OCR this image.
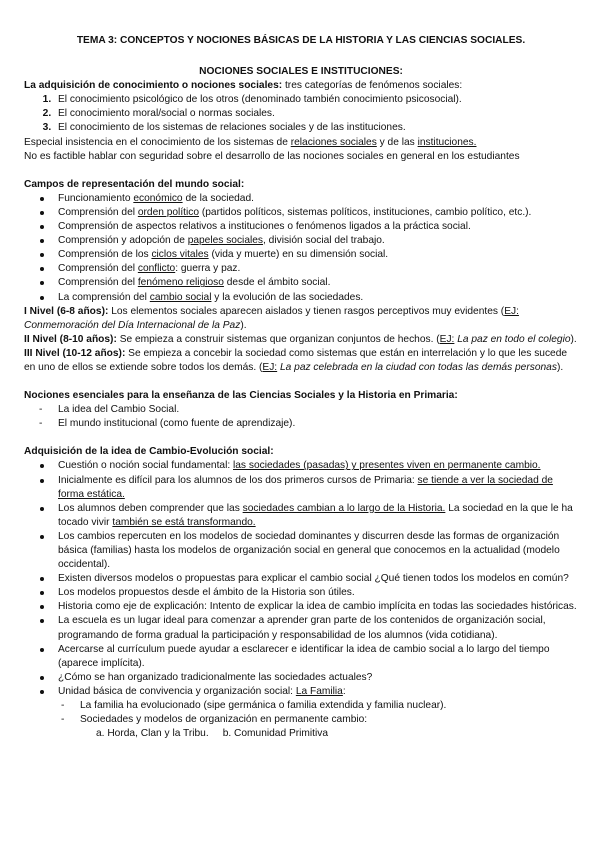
TEMA 3: CONCEPTOS Y NOCIONES BÁSICAS DE LA HISTORIA Y LAS CIENCIAS SOCIALES.

NOCIONES SOCIALES E INSTITUCIONES:

La adquisición de conocimiento o nociones sociales: tres categorías de fenómenos sociales:

1. El conocimiento psicológico de los otros (denominado también conocimiento psicosocial).
2. El conocimiento moral/social o normas sociales.
3. El conocimiento de los sistemas de relaciones sociales y de las instituciones.

Especial insistencia en el conocimiento de los sistemas de relaciones sociales y de las instituciones.

No es factible hablar con seguridad sobre el desarrollo de las nociones sociales en general en los estudiantes

Campos de representación del mundo social:

Funcionamiento económico de la sociedad.
Comprensión del orden político (partidos políticos, sistemas políticos, instituciones, cambio político, etc.).
Comprensión de aspectos relativos a instituciones o fenómenos ligados a la práctica social.
Comprensión y adopción de papeles sociales, división social del trabajo.
Comprensión de los ciclos vitales (vida y muerte) en su dimensión social.
Comprensión del conflicto: guerra y paz.
Comprensión del fenómeno religioso desde el ámbito social.
La comprensión del cambio social y la evolución de las sociedades.

I Nivel (6-8 años): Los elementos sociales aparecen aislados y tienen rasgos perceptivos muy evidentes (EJ: Conmemoración del Día Internacional de la Paz).

II Nivel (8-10 años): Se empieza a construir sistemas que organizan conjuntos de hechos. (EJ: La paz en todo el colegio).

III Nivel (10-12 años): Se empieza a concebir la sociedad como sistemas que están en interrelación y lo que les sucede en uno de ellos se extiende sobre todos los demás. (EJ: La paz celebrada en la ciudad con todas las demás personas).

Nociones esenciales para la enseñanza de las Ciencias Sociales y la Historia en Primaria:

- La idea del Cambio Social.
- El mundo institucional (como fuente de aprendizaje).

Adquisición de la idea de Cambio-Evolución social:

Cuestión o noción social fundamental: las sociedades (pasadas) y presentes viven en permanente cambio.
Inicialmente es difícil para los alumnos de los dos primeros cursos de Primaria: se tiende a ver la sociedad de forma estática.
Los alumnos deben comprender que las sociedades cambian a lo largo de la Historia. La sociedad en la que le ha tocado vivir también se está transformando.
Los cambios repercuten en los modelos de sociedad dominantes y discurren desde las formas de organización básica (familias) hasta los modelos de organización social en general que conocemos en la actualidad (modelo occidental).
Existen diversos modelos o propuestas para explicar el cambio social ¿Qué tienen todos los modelos en común?
Los modelos propuestos desde el ámbito de la Historia son útiles.
Historia como eje de explicación: Intento de explicar la idea de cambio implícita en todas las sociedades históricas.
La escuela es un lugar ideal para comenzar a aprender gran parte de los contenidos de organización social, programando de forma gradual la participación y responsabilidad de los alumnos (vida cotidiana).
Acercarse al currículum puede ayudar a esclarecer e identificar la idea de cambio social a lo largo del tiempo (aparece implícita).
¿Cómo se han organizado tradicionalmente las sociedades actuales?
Unidad básica de convivencia y organización social: La Familia:
- La familia ha evolucionado (sipe germánica o familia extendida y familia nuclear).
- Sociedades y modelos de organización en permanente cambio:

a. Horda, Clan y la Tribu. b. Comunidad Primitiva
